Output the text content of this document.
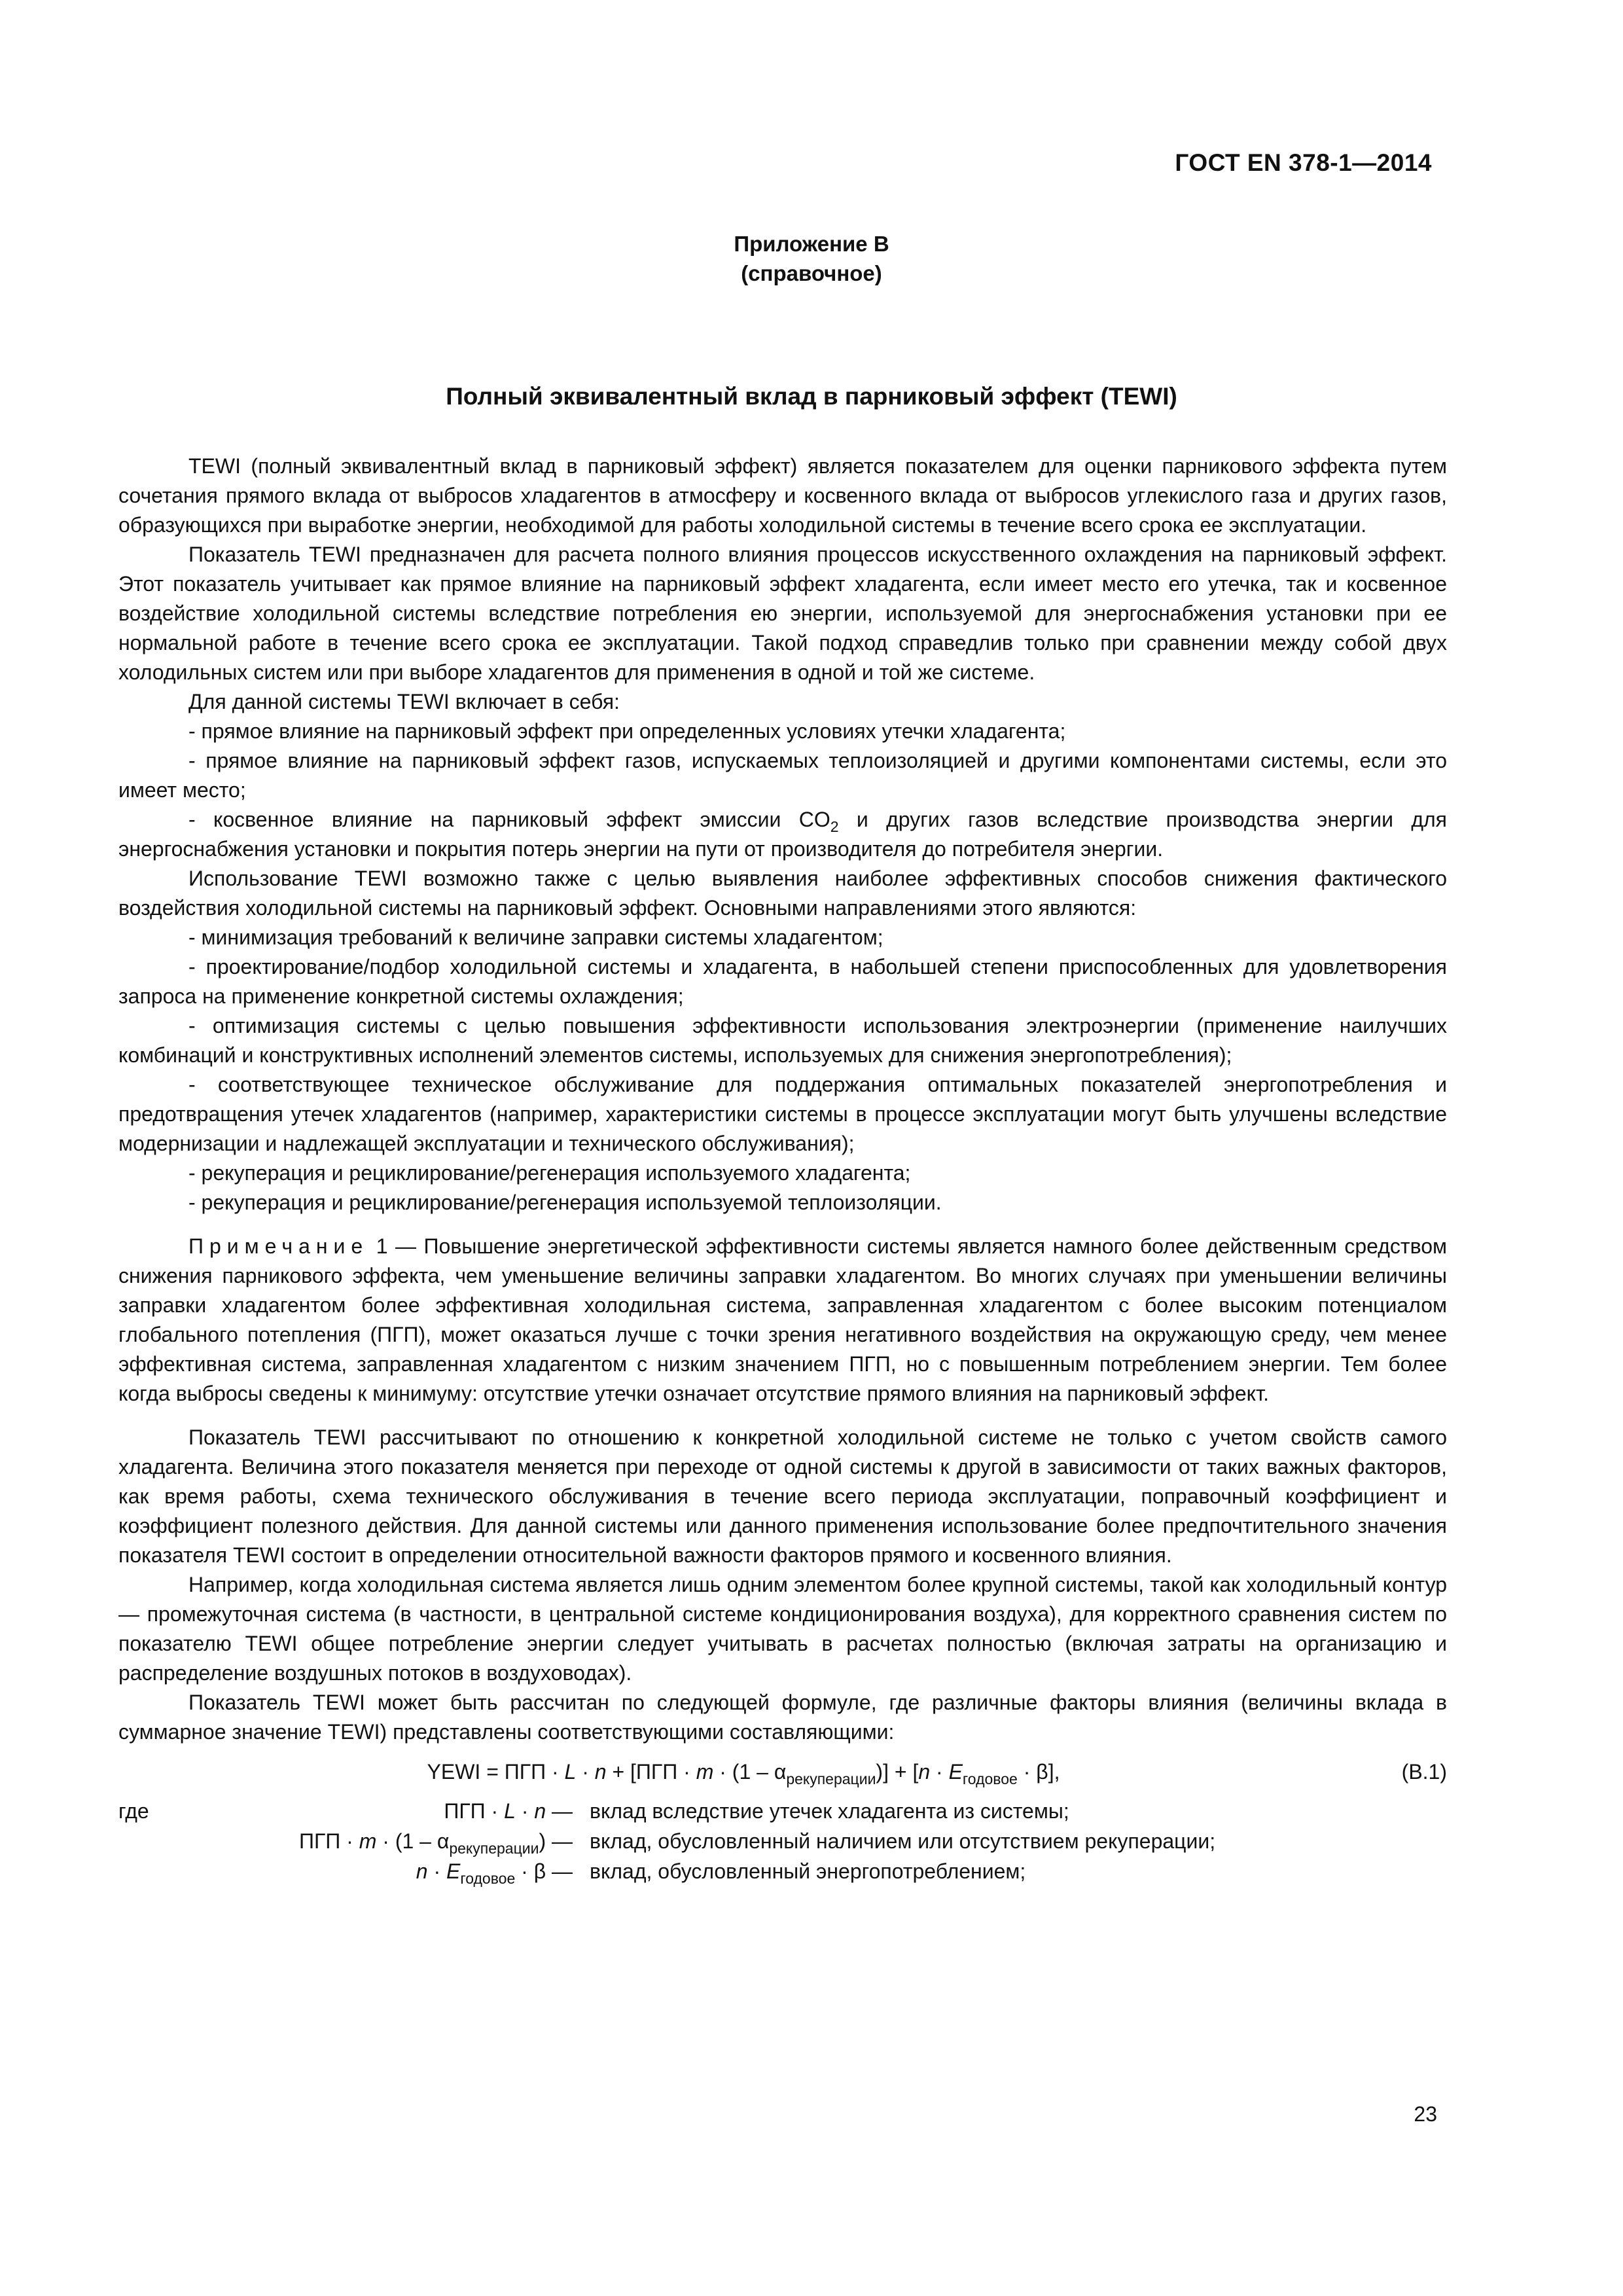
ГОСТ EN 378-1—2014
Приложение В
(справочное)
Полный эквивалентный вклад в парниковый эффект (TEWI)

TEWI (полный эквивалентный вклад в парниковый эффект) является показателем для оценки парникового эффекта путем сочетания прямого вклада от выбросов хладагентов в атмосферу и косвенного вклада от выбросов углекислого газа и других газов, образующихся при выработке энергии, необходимой для работы холодильной системы в течение всего срока ее эксплуатации.

Показатель TEWI предназначен для расчета полного влияния процессов искусственного охлаждения на парниковый эффект. Этот показатель учитывает как прямое влияние на парниковый эффект хладагента, если имеет место его утечка, так и косвенное воздействие холодильной системы вследствие потребления ею энергии, используемой для энергоснабжения установки при ее нормальной работе в течение всего срока ее эксплуатации. Такой подход справедлив только при сравнении между собой двух холодильных систем или при выборе хладагентов для применения в одной и той же системе.

Для данной системы TEWI включает в себя:

- прямое влияние на парниковый эффект при определенных условиях утечки хладагента;

- прямое влияние на парниковый эффект газов, испускаемых теплоизоляцией и другими компонентами системы, если это имеет место;

- косвенное влияние на парниковый эффект эмиссии $CO_2$ и других газов вследствие производства энергии для энергоснабжения установки и покрытия потерь энергии на пути от производителя до потребителя энергии.

Использование TEWI возможно также с целью выявления наиболее эффективных способов снижения фактического воздействия холодильной системы на парниковый эффект. Основными направлениями этого являются:

- минимизация требований к величине заправки системы хладагентом;

- проектирование/подбор холодильной системы и хладагента, в набольшей степени приспособленных для удовлетворения запроса на применение конкретной системы охлаждения;

- оптимизация системы с целью повышения эффективности использования электроэнергии (применение наилучших комбинаций и конструктивных исполнений элементов системы, используемых для снижения энергопотребления);

- соответствующее техническое обслуживание для поддержания оптимальных показателей энергопотребления и предотвращения утечек хладагентов (например, характеристики системы в процессе эксплуатации могут быть улучшены вследствие модернизации и надлежащей эксплуатации и технического обслуживания);

- рекуперация и рециклирование/регенерация используемого хладагента;

- рекуперация и рециклирование/регенерация используемой теплоизоляции.

Примечание 1 — Повышение энергетической эффективности системы является намного более действенным средством снижения парникового эффекта, чем уменьшение величины заправки хладагентом. Во многих случаях при уменьшении величины заправки хладагентом более эффективная холодильная система, заправленная хладагентом с более высоким потенциалом глобального потепления (ПГП), может оказаться лучше с точки зрения негативного воздействия на окружающую среду, чем менее эффективная система, заправленная хладагентом с низким значением ПГП, но с повышенным потреблением энергии. Тем более когда выбросы сведены к минимуму: отсутствие утечки означает отсутствие прямого влияния на парниковый эффект.

Показатель TEWI рассчитывают по отношению к конкретной холодильной системе не только с учетом свойств самого хладагента. Величина этого показателя меняется при переходе от одной системы к другой в зависимости от таких важных факторов, как время работы, схема технического обслуживания в течение всего периода эксплуатации, поправочный коэффициент и коэффициент полезного действия. Для данной системы или данного применения использование более предпочтительного значения показателя TEWI состоит в определении относительной важности факторов прямого и косвенного влияния.

Например, когда холодильная система является лишь одним элементом более крупной системы, такой как холодильный контур — промежуточная система (в частности, в центральной системе кондиционирования воздуха), для корректного сравнения систем по показателю TEWI общее потребление энергии следует учитывать в расчетах полностью (включая затраты на организацию и распределение воздушных потоков в воздуховодах).

Показатель TEWI может быть рассчитан по следующей формуле, где различные факторы влияния (величины вклада в суммарное значение TEWI) представлены соответствующими составляющими:

YEWI = ПГП · $L \cdot n + [ПГП \cdot m \cdot (1 - \alpha_{рекуперации})] + [n \cdot E_{годовое} \cdot \beta]$,	(В.1)
где	ПГП · L · n — вклад вследствие утечек хладагента из системы;
ПГП · $m \cdot (1 - \alpha_{рекуперации})$ — вклад, обусловленный наличием или отсутствием рекуперации;
$n \cdot E_{годовое} \cdot \beta$ — вклад, обусловленный энергопотреблением;
23
